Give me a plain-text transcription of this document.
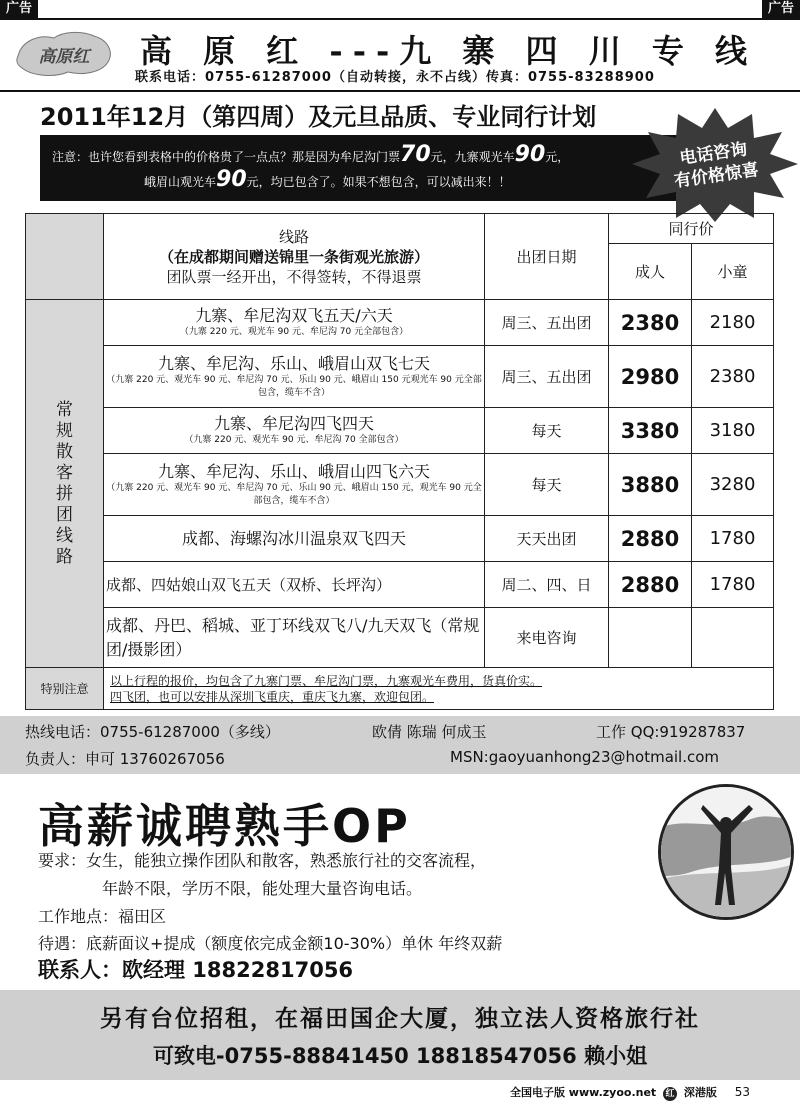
广告	广告
高原红 高 原 红 ---九 寨 四 川 专 线
联系电话：0755-61287000（自动转接，永不占线）传真：0755-83288900
2011年12月（第四周）及元旦品质、专业同行计划
注意：也许您看到表格中的价格贵了一点点？那是因为牟尼沟门票70元，九寨观光车90元，
峨眉山观光车90元，均已包含了。如果不想包含，可以减出来！！
电话咨询
有价格惊喜

	线路
（在成都期间赠送锦里一条街观光旅游）
团队票一经开出，不得签转，不得退票	出团日期	同行价	
			成人	小童

常规散客拼团线路	九寨、牟尼沟双飞五天/六天
（九寨 220 元、观光车 90 元、牟尼沟 70 元全部包含）	周三、五出团	2380	2180

	九寨、牟尼沟、乐山、峨眉山双飞七天
（九寨 220 元、观光车 90 元、牟尼沟 70 元、乐山 90 元、峨眉山 150 元观光车 90 元全部包含，缆车不含）	周三、五出团	2980	2380

	九寨、牟尼沟四飞四天
（九寨 220 元、观光车 90 元、牟尼沟 70 全部包含）	每天	3380	3180

	九寨、牟尼沟、乐山、峨眉山四飞六天
（九寨 220 元、观光车 90 元、牟尼沟 70 元、乐山 90 元、峨眉山 150 元，观光车 90 元全部包含，缆车不含）	每天	3880	3280

	成都、海螺沟冰川温泉双飞四天	天天出团	2880	1780

	成都、四姑娘山双飞五天（双桥、长坪沟）	周二、四、日	2880	1780

	成都、丹巴、稻城、亚丁环线双飞八/九天双飞（常规团/摄影团）	来电咨询		
特别注意	以上行程的报价，均包含了九寨门票、牟尼沟门票，九寨观光车费用，货真价实。
四飞团，也可以安排从深圳飞重庆，重庆飞九寨，欢迎包团。			
热线电话：0755-61287000（多线）	欧倩 陈瑞 何成玉	工作 QQ:919287837
负责人：申可 13760267056	MSN:gaoyuanhong23@hotmail.com
高薪诚聘熟手OP
要求：女生，能独立操作团队和散客，熟悉旅行社的交客流程，
年龄不限，学历不限，能处理大量咨询电话。
工作地点：福田区
待遇：底薪面议+提成（额度依完成金额10-30%）单休 年终双薪
联系人：欧经理 18822817056
另有台位招租，在福田国企大厦，独立法人资格旅行社
可致电-0755-88841450 18818547056 赖小姐
全国电子版 www.zyoo.net 红 深港版 53
